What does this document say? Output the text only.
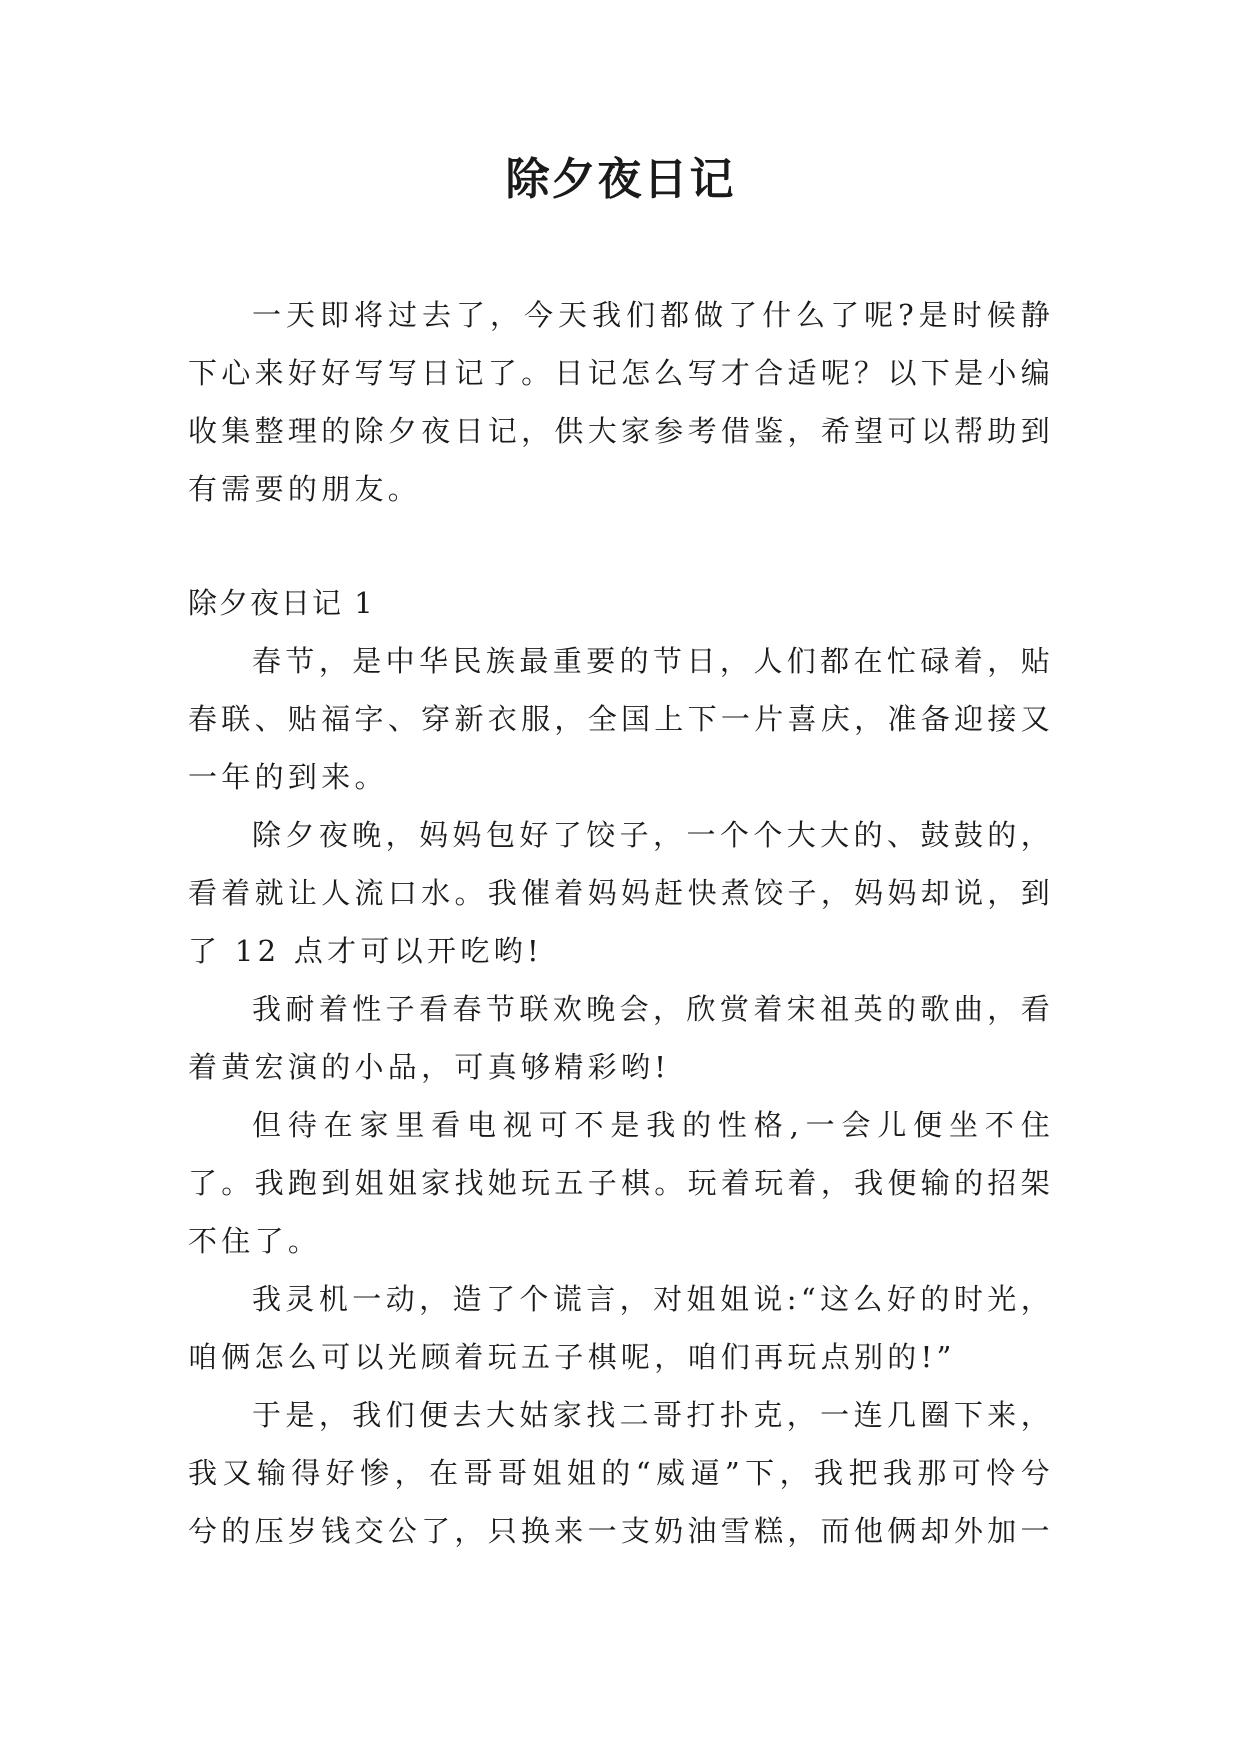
除夕夜日记

一天即将过去了，今天我们都做了什么了呢?是时候静下心来好好写写日记了。日记怎么写才合适呢？以下是小编收集整理的除夕夜日记，供大家参考借鉴，希望可以帮助到有需要的朋友。

除夕夜日记 1

春节，是中华民族最重要的节日，人们都在忙碌着，贴春联、贴福字、穿新衣服，全国上下一片喜庆，准备迎接又一年的到来。

除夕夜晚，妈妈包好了饺子，一个个大大的、鼓鼓的，看着就让人流口水。我催着妈妈赶快煮饺子，妈妈却说，到了 12 点才可以开吃哟!

我耐着性子看春节联欢晚会，欣赏着宋祖英的歌曲，看着黄宏演的小品，可真够精彩哟!

但待在家里看电视可不是我的性格,一会儿便坐不住了。我跑到姐姐家找她玩五子棋。玩着玩着，我便输的招架不住了。

我灵机一动，造了个谎言，对姐姐说:“这么好的时光，咱俩怎么可以光顾着玩五子棋呢，咱们再玩点别的!”

于是，我们便去大姑家找二哥打扑克，一连几圈下来，我又输得好惨，在哥哥姐姐的“威逼”下，我把我那可怜兮兮的压岁钱交公了，只换来一支奶油雪糕，而他俩却外加一
